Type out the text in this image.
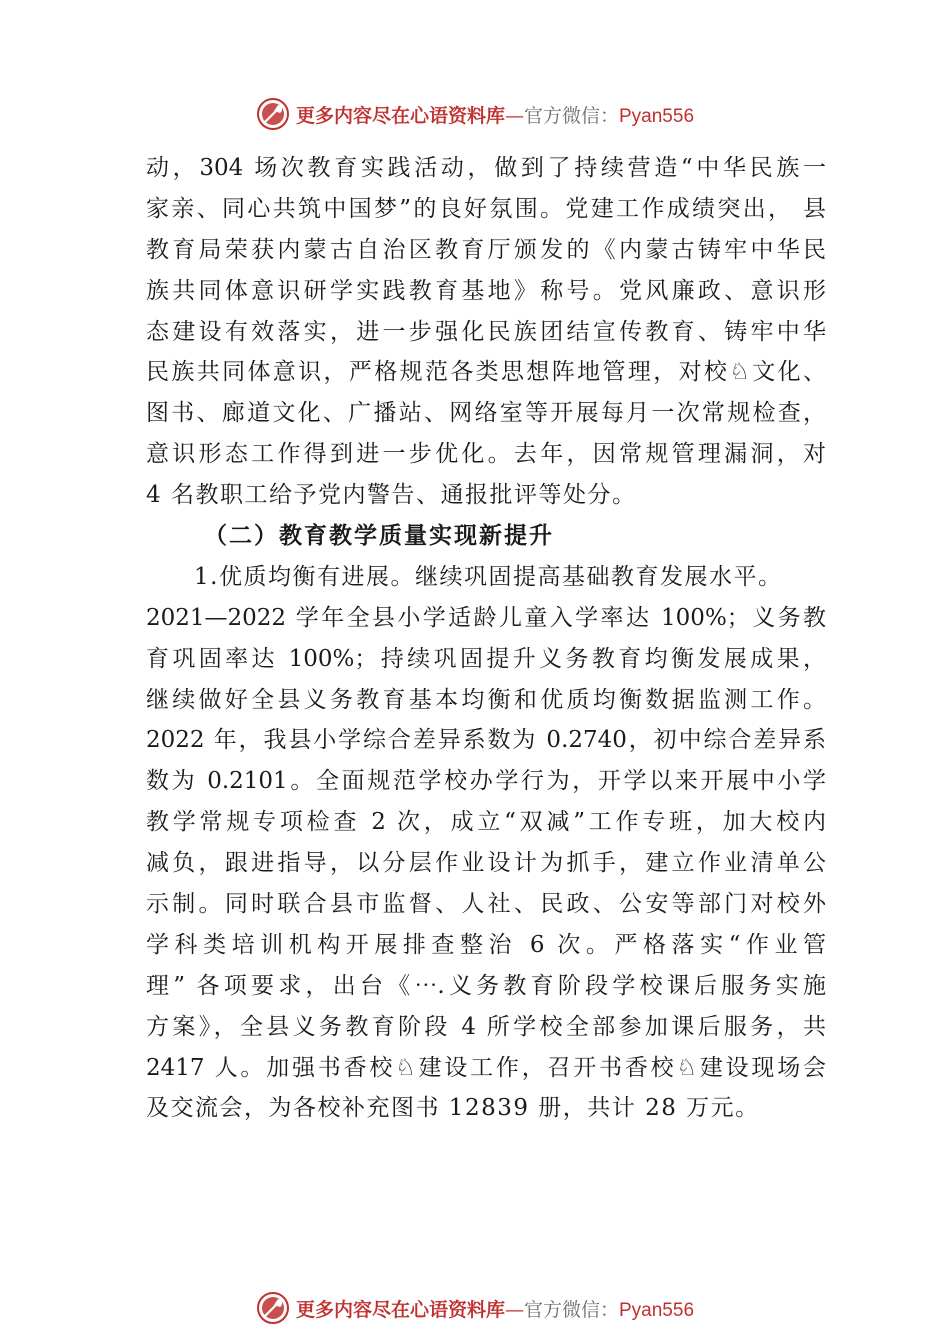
更多内容尽在心语资料库—官方微信：Pyan556
动，304 场次教育实践活动，做到了持续营造“中华民族一
家亲、同心共筑中国梦”的良好氛围。党建工作成绩突出， 县
教育局荣获内蒙古自治区教育厅颁发的《内蒙古铸牢中华民
族共同体意识研学实践教育基地》称号。党风廉政、意识形
态建设有效落实，进一步强化民族团结宣传教育、铸牢中华
民族共同体意识，严格规范各类思想阵地管理，对校♘文化、
图书、廊道文化、广播站、网络室等开展每月一次常规检查，
意识形态工作得到进一步优化。去年，因常规管理漏洞，对
4 名教职工给予党内警告、通报批评等处分。
（二）教育教学质量实现新提升
1.优质均衡有进展。继续巩固提高基础教育发展水平。
2021—2022 学年全县小学适龄儿童入学率达 100%；义务教
育巩固率达 100%；持续巩固提升义务教育均衡发展成果，
继续做好全县义务教育基本均衡和优质均衡数据监测工作。
2022 年，我县小学综合差异系数为 0.2740，初中综合差异系
数为 0.2101。全面规范学校办学行为，开学以来开展中小学
教学常规专项检查 2 次，成立“双减”工作专班，加大校内
减负，跟进指导，以分层作业设计为抓手，建立作业清单公
示制。同时联合县市监督、人社、民政、公安等部门对校外
学科类培训机构开展排查整治 6 次。严格落实“作业管
理” 各项要求，出台《⋯.义务教育阶段学校课后服务实施
方案》，全县义务教育阶段 4 所学校全部参加课后服务，共
2417 人。加强书香校♘建设工作，召开书香校♘建设现场会
及交流会，为各校补充图书 12839 册，共计 28 万元。
更多内容尽在心语资料库—官方微信：Pyan556
